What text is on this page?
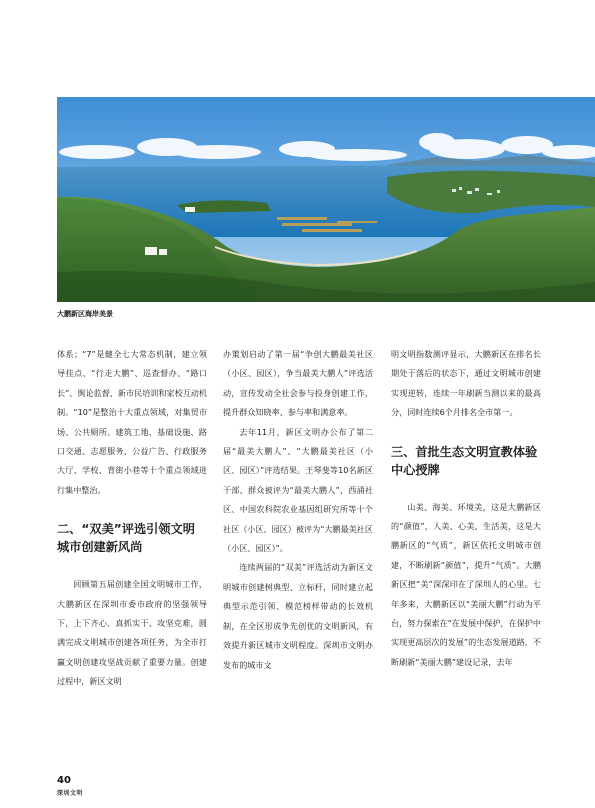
大鹏新区海岸美景

体系；“7”是健全七大常态机制，建立领导挂点、“行走大鹏”、巡查督办、“路口长”、舆论监督、新市民培训和家校互动机制。“10”是整治十大重点领域，对集贸市场、公共厕所、建筑工地、基础设施、路口交通、志愿服务、公益广告、行政服务大厅、学校、背街小巷等十个重点领域进行集中整治。

二、“双美”评选引领文明城市创建新风尚

回顾第五届创建全国文明城市工作，大鹏新区在深圳市委市政府的坚强领导下，上下齐心、真抓实干、攻坚克难，圆满完成文明城市创建各项任务，为全市打赢文明创建攻坚战贡献了重要力量。创建过程中，新区文明

办策划启动了第一届“争创大鹏最美社区（小区、园区），争当最美大鹏人”评选活动，宣传发动全社会参与投身创建工作，提升群众知晓率、参与率和满意率。

去年11月，新区文明办公布了第二届“最美大鹏人”、“大鹏最美社区（小区、园区）”评选结果。王琴斐等10名新区干部、群众被评为“最美大鹏人”，西涌社区、中国农科院农业基因组研究所等十个社区（小区、园区）被评为“大鹏最美社区（小区、园区）”。

连续两届的“双美”评选活动为新区文明城市创建树典型、立标杆，同时建立起典型示范引领、模范榜样带动的长效机制，在全区形成争先创优的文明新风，有效提升新区城市文明程度。深圳市文明办发布的城市文

明文明指数测评显示，大鹏新区在排名长期处于落后的状态下，通过文明城市创建实现逆转，连续一年刷新当测以来的最高分，同时连续6个月排名全市第一。

三、首批生态文明宣教体验中心授牌

山美、海美、环境美，这是大鹏新区的“颜值”，人美、心美、生活美，这是大鹏新区的“气质”，新区依托文明城市创建，不断刷新“颜值”，提升“气质”。大鹏新区把“美”深深印在了深圳人的心里。七年多来，大鹏新区以“美丽大鹏”行动为平台，努力探索在“在发展中保护，在保护中实现更高层次的发展”的生态发展道路，不断刷新“美丽大鹏”建设记录，去年

40
深圳文明
